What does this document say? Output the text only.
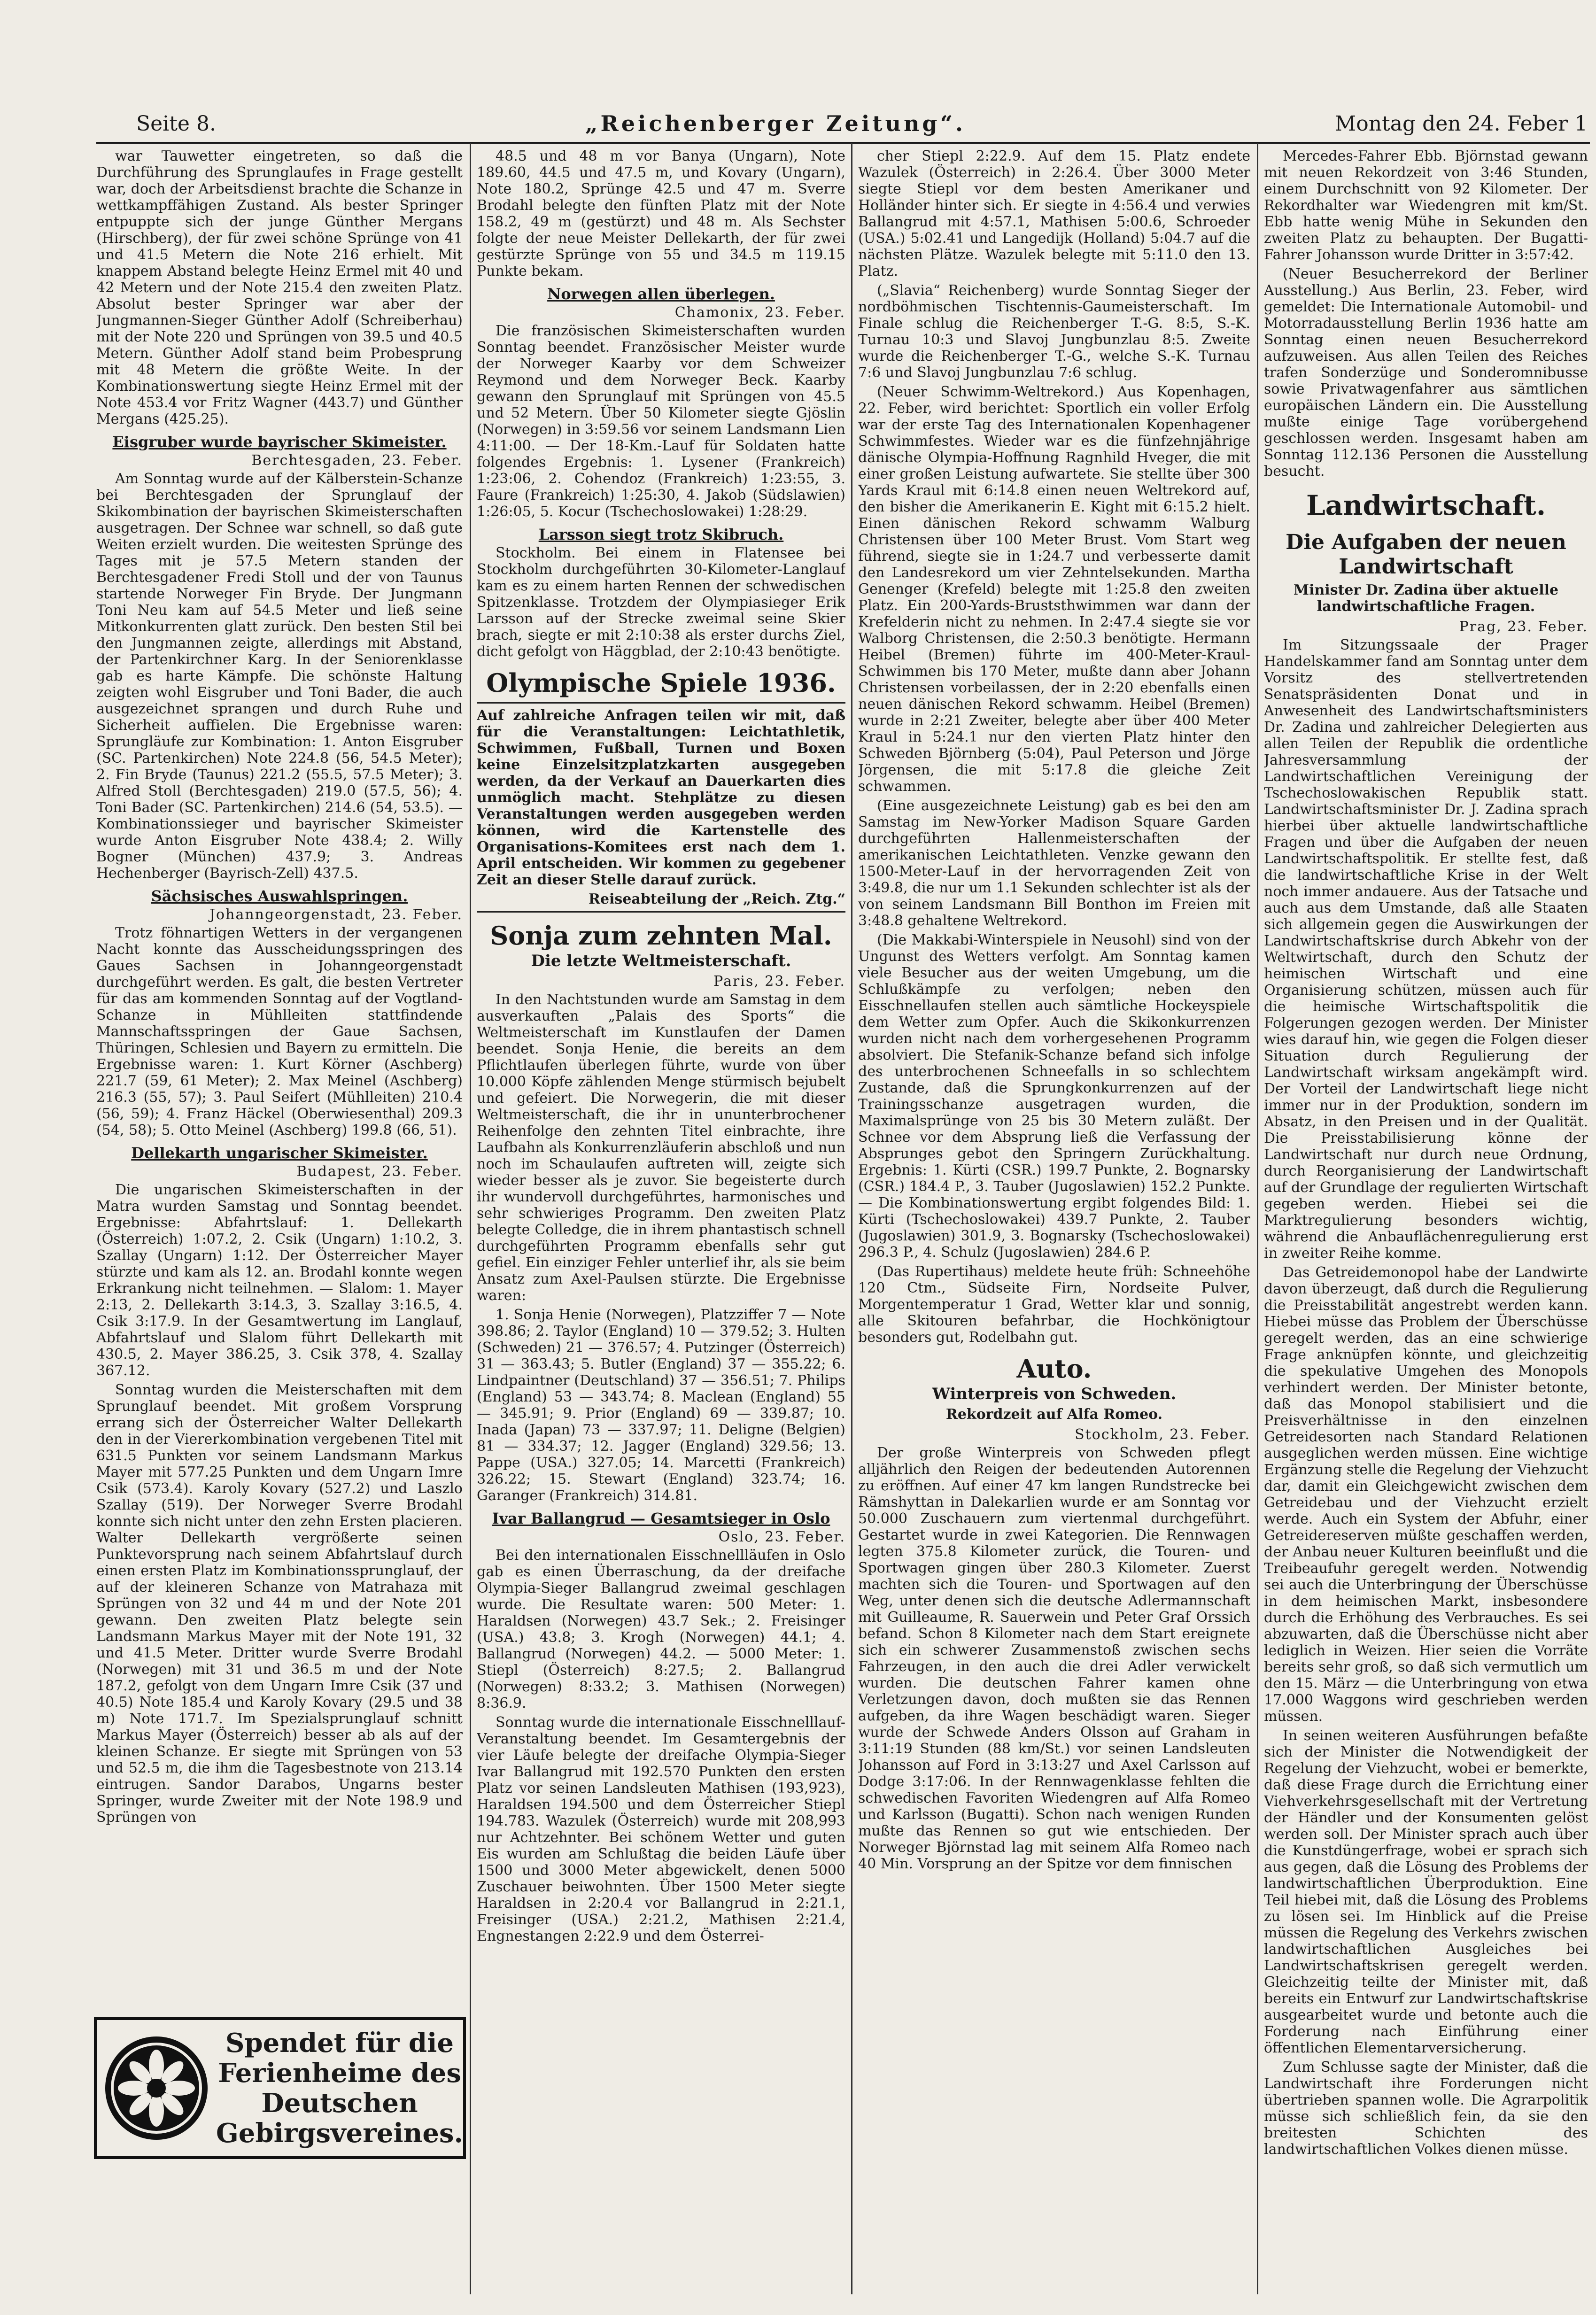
Seite 8.	„Reichenberger Zeitung“.	Montag den 24. Feber 1

war Tauwetter eingetreten, so daß die Durchführung des Sprunglaufes in Frage gestellt war, doch der Arbeitsdienst brachte die Schanze in wettkampffähigen Zustand. Als bester Springer entpuppte sich der junge Günther Mergans (Hirschberg), der für zwei schöne Sprünge von 41 und 41.5 Metern die Note 216 erhielt. Mit knappem Abstand belegte Heinz Ermel mit 40 und 42 Metern und der Note 215.4 den zweiten Platz. Absolut bester Springer war aber der Jungmannen-Sieger Günther Adolf (Schreiberhau) mit der Note 220 und Sprüngen von 39.5 und 40.5 Metern. Günther Adolf stand beim Probesprung mit 48 Metern die größte Weite. In der Kombinationswertung siegte Heinz Ermel mit der Note 453.4 vor Fritz Wagner (443.7) und Günther Mergans (425.25).

Eisgruber wurde bayrischer Skimeister.
Berchtesgaden, 23. Feber.

Am Sonntag wurde auf der Kälberstein-Schanze bei Berchtesgaden der Sprunglauf der Skikombination der bayrischen Skimeisterschaften ausgetragen. Der Schnee war schnell, so daß gute Weiten erzielt wurden. Die weitesten Sprünge des Tages mit je 57.5 Metern standen der Berchtesgadener Fredi Stoll und der von Taunus startende Norweger Fin Bryde. Der Jungmann Toni Neu kam auf 54.5 Meter und ließ seine Mitkonkurrenten glatt zurück. Den besten Stil bei den Jungmannen zeigte, allerdings mit Abstand, der Partenkirchner Karg. In der Seniorenklasse gab es harte Kämpfe. Die schönste Haltung zeigten wohl Eisgruber und Toni Bader, die auch ausgezeichnet sprangen und durch Ruhe und Sicherheit auffielen. Die Ergebnisse waren: Sprungläufe zur Kombination: 1. Anton Eisgruber (SC. Partenkirchen) Note 224.8 (56, 54.5 Meter); 2. Fin Bryde (Taunus) 221.2 (55.5, 57.5 Meter); 3. Alfred Stoll (Berchtesgaden) 219.0 (57.5, 56); 4. Toni Bader (SC. Partenkirchen) 214.6 (54, 53.5). — Kombinationssieger und bayrischer Skimeister wurde Anton Eisgruber Note 438.4; 2. Willy Bogner (München) 437.9; 3. Andreas Hechenberger (Bayrisch-Zell) 437.5.

Sächsisches Auswahlspringen.
Johanngeorgenstadt, 23. Feber.

Trotz föhnartigen Wetters in der vergangenen Nacht konnte das Ausscheidungsspringen des Gaues Sachsen in Johanngeorgenstadt durchgeführt werden. Es galt, die besten Vertreter für das am kommenden Sonntag auf der Vogtland-Schanze in Mühlleiten stattfindende Mannschaftsspringen der Gaue Sachsen, Thüringen, Schlesien und Bayern zu ermitteln. Die Ergebnisse waren: 1. Kurt Körner (Aschberg) 221.7 (59, 61 Meter); 2. Max Meinel (Aschberg) 216.3 (55, 57); 3. Paul Seifert (Mühlleiten) 210.4 (56, 59); 4. Franz Häckel (Oberwiesenthal) 209.3 (54, 58); 5. Otto Meinel (Aschberg) 199.8 (66, 51).

Dellekarth ungarischer Skimeister.
Budapest, 23. Feber.

Die ungarischen Skimeisterschaften in der Matra wurden Samstag und Sonntag beendet. Ergebnisse: Abfahrtslauf: 1. Dellekarth (Österreich) 1:07.2, 2. Csik (Ungarn) 1:10.2, 3. Szallay (Ungarn) 1:12. Der Österreicher Mayer stürzte und kam als 12. an. Brodahl konnte wegen Erkrankung nicht teilnehmen. — Slalom: 1. Mayer 2:13, 2. Dellekarth 3:14.3, 3. Szallay 3:16.5, 4. Csik 3:17.9. In der Gesamtwertung im Langlauf, Abfahrtslauf und Slalom führt Dellekarth mit 430.5, 2. Mayer 386.25, 3. Csik 378, 4. Szallay 367.12.

Sonntag wurden die Meisterschaften mit dem Sprunglauf beendet. Mit großem Vorsprung errang sich der Österreicher Walter Dellekarth den in der Viererkombination vergebenen Titel mit 631.5 Punkten vor seinem Landsmann Markus Mayer mit 577.25 Punkten und dem Ungarn Imre Csik (573.4). Karoly Kovary (527.2) und Laszlo Szallay (519). Der Norweger Sverre Brodahl konnte sich nicht unter den zehn Ersten placieren. Walter Dellekarth vergrößerte seinen Punktevorsprung nach seinem Abfahrtslauf durch einen ersten Platz im Kombinationssprunglauf, der auf der kleineren Schanze von Matrahaza mit Sprüngen von 32 und 44 m und der Note 201 gewann. Den zweiten Platz belegte sein Landsmann Markus Mayer mit der Note 191, 32 und 41.5 Meter. Dritter wurde Sverre Brodahl (Norwegen) mit 31 und 36.5 m und der Note 187.2, gefolgt von dem Ungarn Imre Csik (37 und 40.5) Note 185.4 und Karoly Kovary (29.5 und 38 m) Note 171.7. Im Spezialsprunglauf schnitt Markus Mayer (Österreich) besser ab als auf der kleinen Schanze. Er siegte mit Sprüngen von 53 und 52.5 m, die ihm die Tagesbestnote von 213.14 eintrugen. Sandor Darabos, Ungarns bester Springer, wurde Zweiter mit der Note 198.9 und Sprüngen von

Spendet für die Ferienheime des Deutschen Gebirgsvereines.

48.5 und 48 m vor Banya (Ungarn), Note 189.60, 44.5 und 47.5 m, und Kovary (Ungarn), Note 180.2, Sprünge 42.5 und 47 m. Sverre Brodahl belegte den fünften Platz mit der Note 158.2, 49 m (gestürzt) und 48 m. Als Sechster folgte der neue Meister Dellekarth, der für zwei gestürzte Sprünge von 55 und 34.5 m 119.15 Punkte bekam.

Norwegen allen überlegen.
Chamonix, 23. Feber.

Die französischen Skimeisterschaften wurden Sonntag beendet. Französischer Meister wurde der Norweger Kaarby vor dem Schweizer Reymond und dem Norweger Beck. Kaarby gewann den Sprunglauf mit Sprüngen von 45.5 und 52 Metern. Über 50 Kilometer siegte Gjöslin (Norwegen) in 3:59.56 vor seinem Landsmann Lien 4:11:00. — Der 18-Km.-Lauf für Soldaten hatte folgendes Ergebnis: 1. Lysener (Frankreich) 1:23:06, 2. Cohendoz (Frankreich) 1:23:55, 3. Faure (Frankreich) 1:25:30, 4. Jakob (Südslawien) 1:26:05, 5. Kocur (Tschechoslowakei) 1:28:29.

Larsson siegt trotz Skibruch.

Stockholm. Bei einem in Flatensee bei Stockholm durchgeführten 30-Kilometer-Langlauf kam es zu einem harten Rennen der schwedischen Spitzenklasse. Trotzdem der Olympiasieger Erik Larsson auf der Strecke zweimal seine Skier brach, siegte er mit 2:10:38 als erster durchs Ziel, dicht gefolgt von Häggblad, der 2:10:43 benötigte.

Olympische Spiele 1936.
Auf zahlreiche Anfragen teilen wir mit, daß für die Veranstaltungen: Leichtathletik, Schwimmen, Fußball, Turnen und Boxen keine Einzelsitzplatzkarten ausgegeben werden, da der Verkauf an Dauerkarten dies unmöglich macht. Stehplätze zu diesen Veranstaltungen werden ausgegeben werden können, wird die Kartenstelle des Organisations-Komitees erst nach dem 1. April entscheiden. Wir kommen zu gegebener Zeit an dieser Stelle darauf zurück.
Reiseabteilung der „Reich. Ztg.“
Sonja zum zehnten Mal.
Die letzte Weltmeisterschaft.
Paris, 23. Feber.

In den Nachtstunden wurde am Samstag in dem ausverkauften „Palais des Sports“ die Weltmeisterschaft im Kunstlaufen der Damen beendet. Sonja Henie, die bereits an dem Pflichtlaufen überlegen führte, wurde von über 10.000 Köpfe zählenden Menge stürmisch bejubelt und gefeiert. Die Norwegerin, die mit dieser Weltmeisterschaft, die ihr in ununterbrochener Reihenfolge den zehnten Titel einbrachte, ihre Laufbahn als Konkurrenzläuferin abschloß und nun noch im Schaulaufen auftreten will, zeigte sich wieder besser als je zuvor. Sie begeisterte durch ihr wundervoll durchgeführtes, harmonisches und sehr schwieriges Programm. Den zweiten Platz belegte Colledge, die in ihrem phantastisch schnell durchgeführten Programm ebenfalls sehr gut gefiel. Ein einziger Fehler unterlief ihr, als sie beim Ansatz zum Axel-Paulsen stürzte. Die Ergebnisse waren:

1. Sonja Henie (Norwegen), Platzziffer 7 — Note 398.86; 2. Taylor (England) 10 — 379.52; 3. Hulten (Schweden) 21 — 376.57; 4. Putzinger (Österreich) 31 — 363.43; 5. Butler (England) 37 — 355.22; 6. Lindpaintner (Deutschland) 37 — 356.51; 7. Philips (England) 53 — 343.74; 8. Maclean (England) 55 — 345.91; 9. Prior (England) 69 — 339.87; 10. Inada (Japan) 73 — 337.97; 11. Deligne (Belgien) 81 — 334.37; 12. Jagger (England) 329.56; 13. Pappe (USA.) 327.05; 14. Marcetti (Frankreich) 326.22; 15. Stewart (England) 323.74; 16. Garanger (Frankreich) 314.81.

Ivar Ballangrud — Gesamtsieger in Oslo
Oslo, 23. Feber.

Bei den internationalen Eisschnellläufen in Oslo gab es einen Überraschung, da der dreifache Olympia-Sieger Ballangrud zweimal geschlagen wurde. Die Resultate waren: 500 Meter: 1. Haraldsen (Norwegen) 43.7 Sek.; 2. Freisinger (USA.) 43.8; 3. Krogh (Norwegen) 44.1; 4. Ballangrud (Norwegen) 44.2. — 5000 Meter: 1. Stiepl (Österreich) 8:27.5; 2. Ballangrud (Norwegen) 8:33.2; 3. Mathisen (Norwegen) 8:36.9.

Sonntag wurde die internationale Eisschnelllauf-Veranstaltung beendet. Im Gesamtergebnis der vier Läufe belegte der dreifache Olympia-Sieger Ivar Ballangrud mit 192.570 Punkten den ersten Platz vor seinen Landsleuten Mathisen (193,923), Haraldsen 194.500 und dem Österreicher Stiepl 194.783. Wazulek (Österreich) wurde mit 208,993 nur Achtzehnter. Bei schönem Wetter und guten Eis wurden am Schlußtag die beiden Läufe über 1500 und 3000 Meter abgewickelt, denen 5000 Zuschauer beiwohnten. Über 1500 Meter siegte Haraldsen in 2:20.4 vor Ballangrud in 2:21.1, Freisinger (USA.) 2:21.2, Mathisen 2:21.4, Engnestangen 2:22.9 und dem Österrei-

cher Stiepl 2:22.9. Auf dem 15. Platz endete Wazulek (Österreich) in 2:26.4. Über 3000 Meter siegte Stiepl vor dem besten Amerikaner und Holländer hinter sich. Er siegte in 4:56.4 und verwies Ballangrud mit 4:57.1, Mathisen 5:00.6, Schroeder (USA.) 5:02.41 und Langedijk (Holland) 5:04.7 auf die nächsten Plätze. Wazulek belegte mit 5:11.0 den 13. Platz.

(„Slavia“ Reichenberg) wurde Sonntag Sieger der nordböhmischen Tischtennis-Gaumeisterschaft. Im Finale schlug die Reichenberger T.-G. 8:5, S.-K. Turnau 10:3 und Slavoj Jungbunzlau 8:5. Zweite wurde die Reichenberger T.-G., welche S.-K. Turnau 7:6 und Slavoj Jungbunzlau 7:6 schlug.

(Neuer Schwimm-Weltrekord.) Aus Kopenhagen, 22. Feber, wird berichtet: Sportlich ein voller Erfolg war der erste Tag des Internationalen Kopenhagener Schwimmfestes. Wieder war es die fünfzehnjährige dänische Olympia-Hoffnung Ragnhild Hveger, die mit einer großen Leistung aufwartete. Sie stellte über 300 Yards Kraul mit 6:14.8 einen neuen Weltrekord auf, den bisher die Amerikanerin E. Kight mit 6:15.2 hielt. Einen dänischen Rekord schwamm Walburg Christensen über 100 Meter Brust. Vom Start weg führend, siegte sie in 1:24.7 und verbesserte damit den Landesrekord um vier Zehntelsekunden. Martha Genenger (Krefeld) belegte mit 1:25.8 den zweiten Platz. Ein 200-Yards-Bruststhwimmen war dann der Krefelderin nicht zu nehmen. In 2:47.4 siegte sie vor Walborg Christensen, die 2:50.3 benötigte. Hermann Heibel (Bremen) führte im 400-Meter-Kraul-Schwimmen bis 170 Meter, mußte dann aber Johann Christensen vorbeilassen, der in 2:20 ebenfalls einen neuen dänischen Rekord schwamm. Heibel (Bremen) wurde in 2:21 Zweiter, belegte aber über 400 Meter Kraul in 5:24.1 nur den vierten Platz hinter den Schweden Björnberg (5:04), Paul Peterson und Jörge Jörgensen, die mit 5:17.8 die gleiche Zeit schwammen.

(Eine ausgezeichnete Leistung) gab es bei den am Samstag im New-Yorker Madison Square Garden durchgeführten Hallenmeisterschaften der amerikanischen Leichtathleten. Venzke gewann den 1500-Meter-Lauf in der hervorragenden Zeit von 3:49.8, die nur um 1.1 Sekunden schlechter ist als der von seinem Landsmann Bill Bonthon im Freien mit 3:48.8 gehaltene Weltrekord.

(Die Makkabi-Winterspiele in Neusohl) sind von der Ungunst des Wetters verfolgt. Am Sonntag kamen viele Besucher aus der weiten Umgebung, um die Schlußkämpfe zu verfolgen; neben den Eisschnellaufen stellen auch sämtliche Hockeyspiele dem Wetter zum Opfer. Auch die Skikonkurrenzen wurden nicht nach dem vorhergesehenen Programm absolviert. Die Stefanik-Schanze befand sich infolge des unterbrochenen Schneefalls in so schlechtem Zustande, daß die Sprungkonkurrenzen auf der Trainingsschanze ausgetragen wurden, die Maximalsprünge von 25 bis 30 Metern zuläßt. Der Schnee vor dem Absprung ließ die Verfassung der Absprunges gebot den Springern Zurückhaltung. Ergebnis: 1. Kürti (CSR.) 199.7 Punkte, 2. Bognarsky (CSR.) 184.4 P., 3. Tauber (Jugoslawien) 152.2 Punkte. — Die Kombinationswertung ergibt folgendes Bild: 1. Kürti (Tschechoslowakei) 439.7 Punkte, 2. Tauber (Jugoslawien) 301.9, 3. Bognarsky (Tschechoslowakei) 296.3 P., 4. Schulz (Jugoslawien) 284.6 P.

(Das Rupertihaus) meldete heute früh: Schneehöhe 120 Ctm., Südseite Firn, Nordseite Pulver, Morgentemperatur 1 Grad, Wetter klar und sonnig, alle Skitouren befahrbar, die Hochkönigtour besonders gut, Rodelbahn gut.

Auto.
Winterpreis von Schweden.
Rekordzeit auf Alfa Romeo.
Stockholm, 23. Feber.

Der große Winterpreis von Schweden pflegt alljährlich den Reigen der bedeutenden Autorennen zu eröffnen. Auf einer 47 km langen Rundstrecke bei Rämshyttan in Dalekarlien wurde er am Sonntag vor 50.000 Zuschauern zum viertenmal durchgeführt. Gestartet wurde in zwei Kategorien. Die Rennwagen legten 375.8 Kilometer zurück, die Touren- und Sportwagen gingen über 280.3 Kilometer. Zuerst machten sich die Touren- und Sportwagen auf den Weg, unter denen sich die deutsche Adlermannschaft mit Guilleaume, R. Sauerwein und Peter Graf Orssich befand. Schon 8 Kilometer nach dem Start ereignete sich ein schwerer Zusammenstoß zwischen sechs Fahrzeugen, in den auch die drei Adler verwickelt wurden. Die deutschen Fahrer kamen ohne Verletzungen davon, doch mußten sie das Rennen aufgeben, da ihre Wagen beschädigt waren. Sieger wurde der Schwede Anders Olsson auf Graham in 3:11:19 Stunden (88 km/St.) vor seinen Landsleuten Johansson auf Ford in 3:13:27 und Axel Carlsson auf Dodge 3:17:06. In der Rennwagenklasse fehlten die schwedischen Favoriten Wiedengren auf Alfa Romeo und Karlsson (Bugatti). Schon nach wenigen Runden mußte das Rennen so gut wie entschieden. Der Norweger Björnstad lag mit seinem Alfa Romeo nach 40 Min. Vorsprung an der Spitze vor dem finnischen

Mercedes-Fahrer Ebb. Björnstad gewann mit neuen Rekordzeit von 3:46 Stunden, einem Durchschnitt von 92 Kilometer. Der Rekordhalter war Wiedengren mit km/St. Ebb hatte wenig Mühe in Sekunden den zweiten Platz zu behaupten. Der Bugatti-Fahrer Johansson wurde Dritter in 3:57:42.

(Neuer Besucherrekord der Berliner Ausstellung.) Aus Berlin, 23. Feber, wird gemeldet: Die Internationale Automobil- und Motorradausstellung Berlin 1936 hatte am Sonntag einen neuen Besucherrekord aufzuweisen. Aus allen Teilen des Reiches trafen Sonderzüge und Sonderomnibusse sowie Privatwagenfahrer aus sämtlichen europäischen Ländern ein. Die Ausstellung mußte einige Tage vorübergehend geschlossen werden. Insgesamt haben am Sonntag 112.136 Personen die Ausstellung besucht.

Landwirtschaft.
Die Aufgaben der neuen Landwirtschaft
Minister Dr. Zadina über aktuelle landwirtschaftliche Fragen.
Prag, 23. Feber.

Im Sitzungssaale der Prager Handelskammer fand am Sonntag unter dem Vorsitz des stellvertretenden Senatspräsidenten Donat und in Anwesenheit des Landwirtschaftsministers Dr. Zadina und zahlreicher Delegierten aus allen Teilen der Republik die ordentliche Jahresversammlung der Landwirtschaftlichen Vereinigung der Tschechoslowakischen Republik statt. Landwirtschaftsminister Dr. J. Zadina sprach hierbei über aktuelle landwirtschaftliche Fragen und über die Aufgaben der neuen Landwirtschaftspolitik. Er stellte fest, daß die landwirtschaftliche Krise in der Welt noch immer andauere. Aus der Tatsache und auch aus dem Umstande, daß alle Staaten sich allgemein gegen die Auswirkungen der Landwirtschaftskrise durch Abkehr von der Weltwirtschaft, durch den Schutz der heimischen Wirtschaft und eine Organisierung schützen, müssen auch für die heimische Wirtschaftspolitik die Folgerungen gezogen werden. Der Minister wies darauf hin, wie gegen die Folgen dieser Situation durch Regulierung der Landwirtschaft wirksam angekämpft wird. Der Vorteil der Landwirtschaft liege nicht immer nur in der Produktion, sondern im Absatz, in den Preisen und in der Qualität. Die Preisstabilisierung könne der Landwirtschaft nur durch neue Ordnung, durch Reorganisierung der Landwirtschaft auf der Grundlage der regulierten Wirtschaft gegeben werden. Hiebei sei die Marktregulierung besonders wichtig, während die Anbauflächenregulierung erst in zweiter Reihe komme.

Das Getreidemonopol habe der Landwirte davon überzeugt, daß durch die Regulierung die Preisstabilität angestrebt werden kann. Hiebei müsse das Problem der Überschüsse geregelt werden, das an eine schwierige Frage anknüpfen könnte, und gleichzeitig die spekulative Umgehen des Monopols verhindert werden. Der Minister betonte, daß das Monopol stabilisiert und die Preisverhältnisse in den einzelnen Getreidesorten nach Standard Relationen ausgeglichen werden müssen. Eine wichtige Ergänzung stelle die Regelung der Viehzucht dar, damit ein Gleichgewicht zwischen dem Getreidebau und der Viehzucht erzielt werde. Auch ein System der Abfuhr, einer Getreidereserven müßte geschaffen werden, der Anbau neuer Kulturen beeinflußt und die Treibeaufuhr geregelt werden. Notwendig sei auch die Unterbringung der Überschüsse in dem heimischen Markt, insbesondere durch die Erhöhung des Verbrauches. Es sei abzuwarten, daß die Überschüsse nicht aber lediglich in Weizen. Hier seien die Vorräte bereits sehr groß, so daß sich vermutlich um den 15. März — die Unterbringung von etwa 17.000 Waggons wird geschrieben werden müssen.

In seinen weiteren Ausführungen befaßte sich der Minister die Notwendigkeit der Regelung der Viehzucht, wobei er bemerkte, daß diese Frage durch die Errichtung einer Viehverkehrsgesellschaft mit der Vertretung der Händler und der Konsumenten gelöst werden soll. Der Minister sprach auch über die Kunstdüngerfrage, wobei er sprach sich aus gegen, daß die Lösung des Problems der landwirtschaftlichen Überproduktion. Eine Teil hiebei mit, daß die Lösung des Problems zu lösen sei. Im Hinblick auf die Preise müssen die Regelung des Verkehrs zwischen landwirtschaftlichen Ausgleiches bei Landwirtschaftskrisen geregelt werden. Gleichzeitig teilte der Minister mit, daß bereits ein Entwurf zur Landwirtschaftskrise ausgearbeitet wurde und betonte auch die Forderung nach Einführung einer öffentlichen Elementarversicherung.

Zum Schlusse sagte der Minister, daß die Landwirtschaft ihre Forderungen nicht übertrieben spannen wolle. Die Agrarpolitik müsse sich schließlich fein, da sie den breitesten Schichten des landwirtschaftlichen Volkes dienen müsse.
